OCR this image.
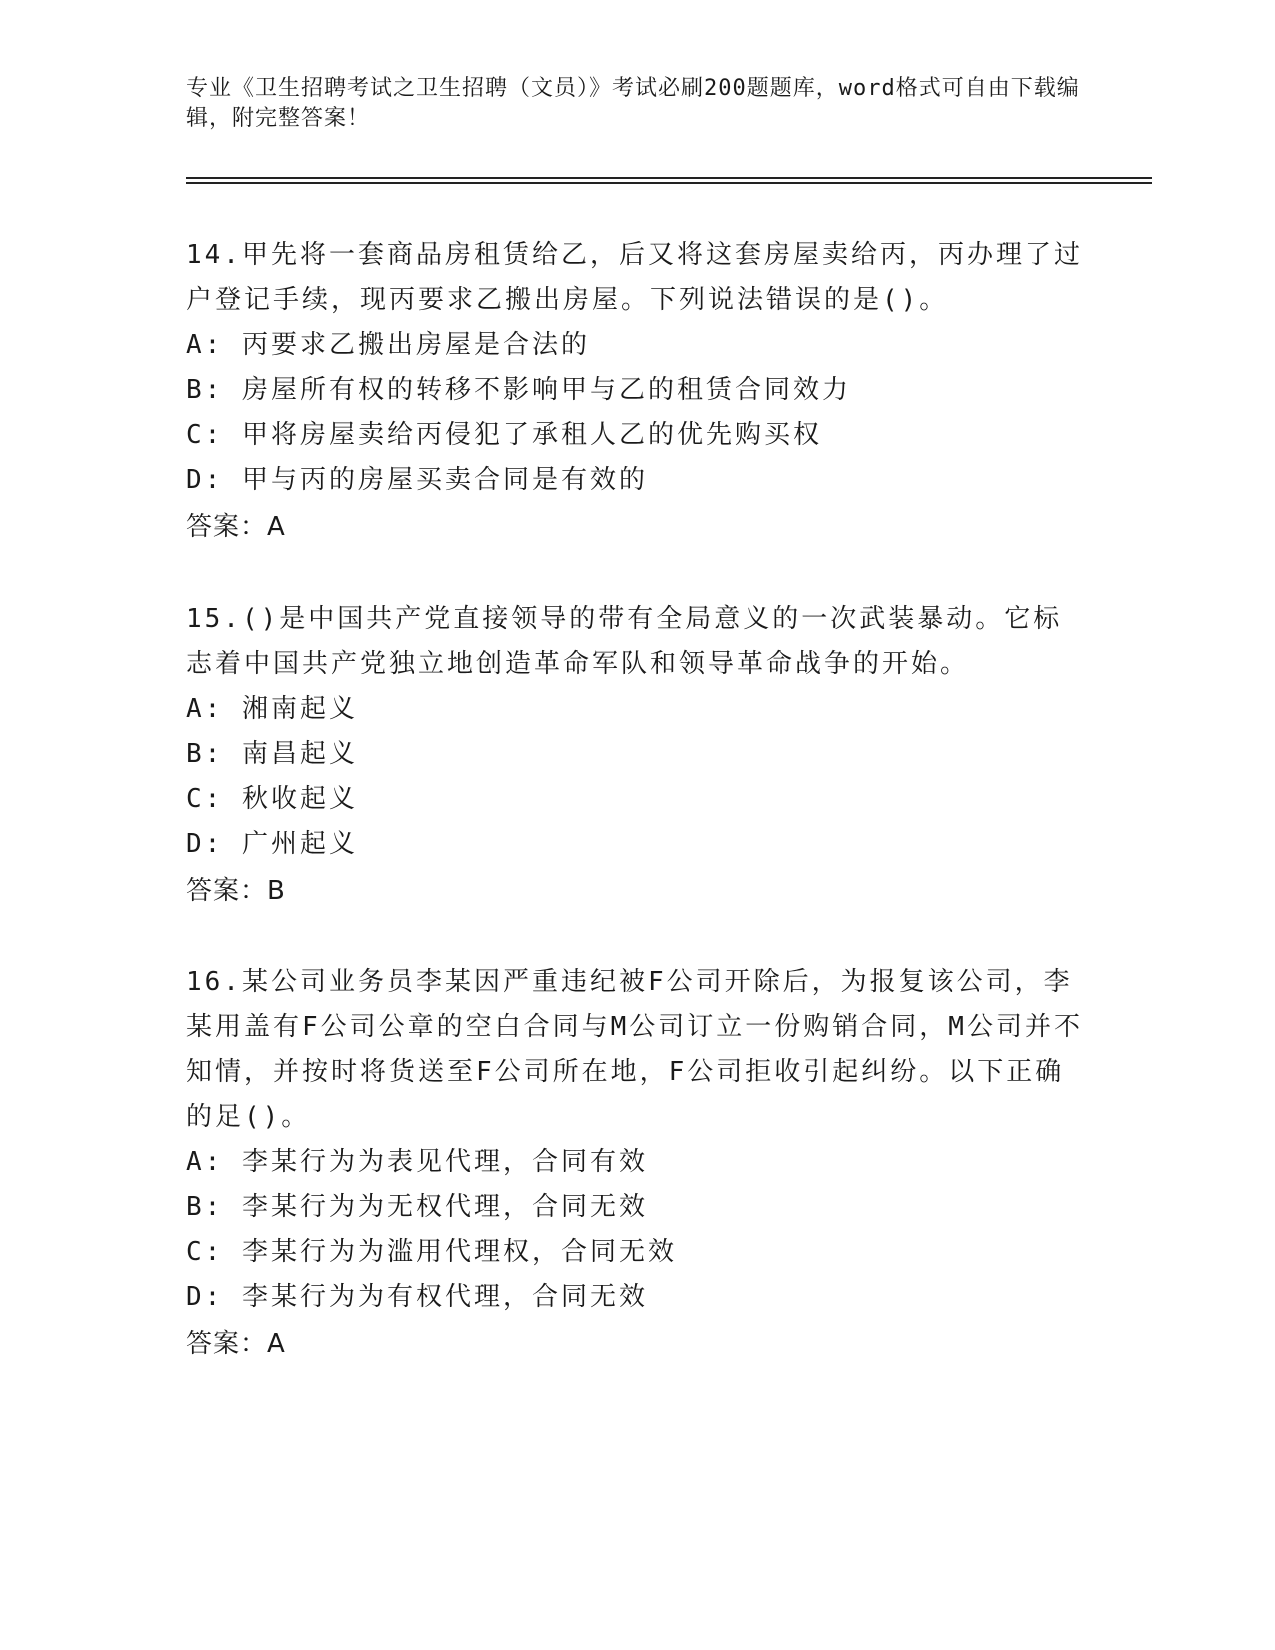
专业《卫生招聘考试之卫生招聘（文员）》考试必刷200题题库，word格式可自由下载编辑，附完整答案！
14.甲先将一套商品房租赁给乙，后又将这套房屋卖给丙，丙办理了过户登记手续，现丙要求乙搬出房屋。下列说法错误的是()。
A: 丙要求乙搬出房屋是合法的
B: 房屋所有权的转移不影响甲与乙的租赁合同效力
C: 甲将房屋卖给丙侵犯了承租人乙的优先购买权
D: 甲与丙的房屋买卖合同是有效的
答案：A
15.()是中国共产党直接领导的带有全局意义的一次武装暴动。它标志着中国共产党独立地创造革命军队和领导革命战争的开始。
A: 湘南起义
B: 南昌起义
C: 秋收起义
D: 广州起义
答案：B
16.某公司业务员李某因严重违纪被F公司开除后，为报复该公司，李某用盖有F公司公章的空白合同与M公司订立一份购销合同，M公司并不知情，并按时将货送至F公司所在地，F公司拒收引起纠纷。以下正确的足()。
A: 李某行为为表见代理，合同有效
B: 李某行为为无权代理，合同无效
C: 李某行为为滥用代理权，合同无效
D: 李某行为为有权代理，合同无效
答案：A
